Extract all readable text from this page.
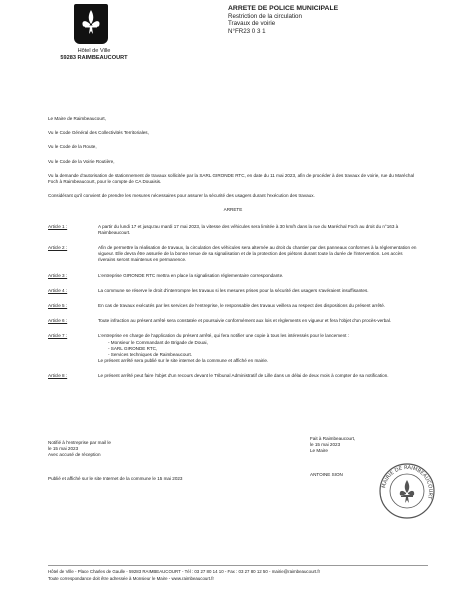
Hôtel de Ville
59283 RAIMBEAUCOURT
ARRETE DE POLICE MUNICIPALE
Restriction de la circulation
Travaux de voirie
N°FR23 0 3 1
Le Maire de Raimbeaucourt,
Vu le Code Général des Collectivités Territoriales,
Vu le Code de la Route,
Vu le Code de la Voirie Routière,
Vu la demande d'autorisation de stationnement de travaux sollicitée par la SARL GIRONDE RTC, en date du 11 mai 2023, afin de procéder à des travaux de voirie, rue du Maréchal Foch à Raimbeaucourt, pour le compte de CA Douaisis.
Considérant qu'il convient de prendre les mesures nécessaires pour assurer la sécurité des usagers durant l'exécution des travaux.
ARRETE
Article 1 :	A partir du lundi 17 et jusqu'au mardi 17 mai 2023, la vitesse des véhicules sera limitée à 30 km/h dans la rue du Maréchal Foch au droit du n°163 à Raimbeaucourt.
Article 2 :	Afin de permettre la réalisation de travaux, la circulation des véhicules sera alternée au droit du chantier par des panneaux conformes à la réglementation en vigueur. Elle devra être assurée de la bonne tenue de sa signalisation et de la protection des piétons durant toute la durée de l'intervention. Les accès riverains seront maintenus en permanence.
Article 3 :	L'entreprise GIRONDE RTC mettra en place la signalisation réglementaire correspondante.
Article 4 :	La commune se réserve le droit d'interrompre les travaux si les mesures prises pour la sécurité des usagers s'avéraient insuffisantes.
Article 5 :	En cas de travaux exécutés par les services de l'entreprise, le responsable des travaux veillera au respect des dispositions du présent arrêté.
Article 6 :	Toute infraction au présent arrêté sera constatée et poursuivie conformément aux lois et règlements en vigueur et fera l'objet d'un procès-verbal.
Article 7 :	L'entreprise en charge de l'application du présent arrêté, qui fera notifier une copie à tous les intéressés pour le lancement :
- Monsieur le Commandant de Brigade de Douai,
- SARL GIRONDE RTC,
- Services techniques de Raimbeaucourt.
Le présent arrêté sera publié sur le site internet de la commune et affiché en mairie.
Article 8 :	Le présent arrêté peut faire l'objet d'un recours devant le Tribunal Administratif de Lille dans un délai de deux mois à compter de sa notification.
Notifié à l'entreprise par mail le
le 15 mai 2023
Avec accusé de réception
Publié et affiché sur le site Internet de la commune le 15 mai 2023
Fait à Raimbeaucourt,
le 15 mai 2023
Le Maire
ANTOINE SION
MAIRIE DE RAIMBEAUCOURT
Hôtel de Ville - Place Charles de Gaulle - 59283 RAIMBEAUCOURT - Tél : 03 27 80 14 10 - Fax : 03 27 80 12 50 - mairie@raimbeaucourt.fr
Toute correspondance doit être adressée à Monsieur le Maire - www.raimbeaucourt.fr
